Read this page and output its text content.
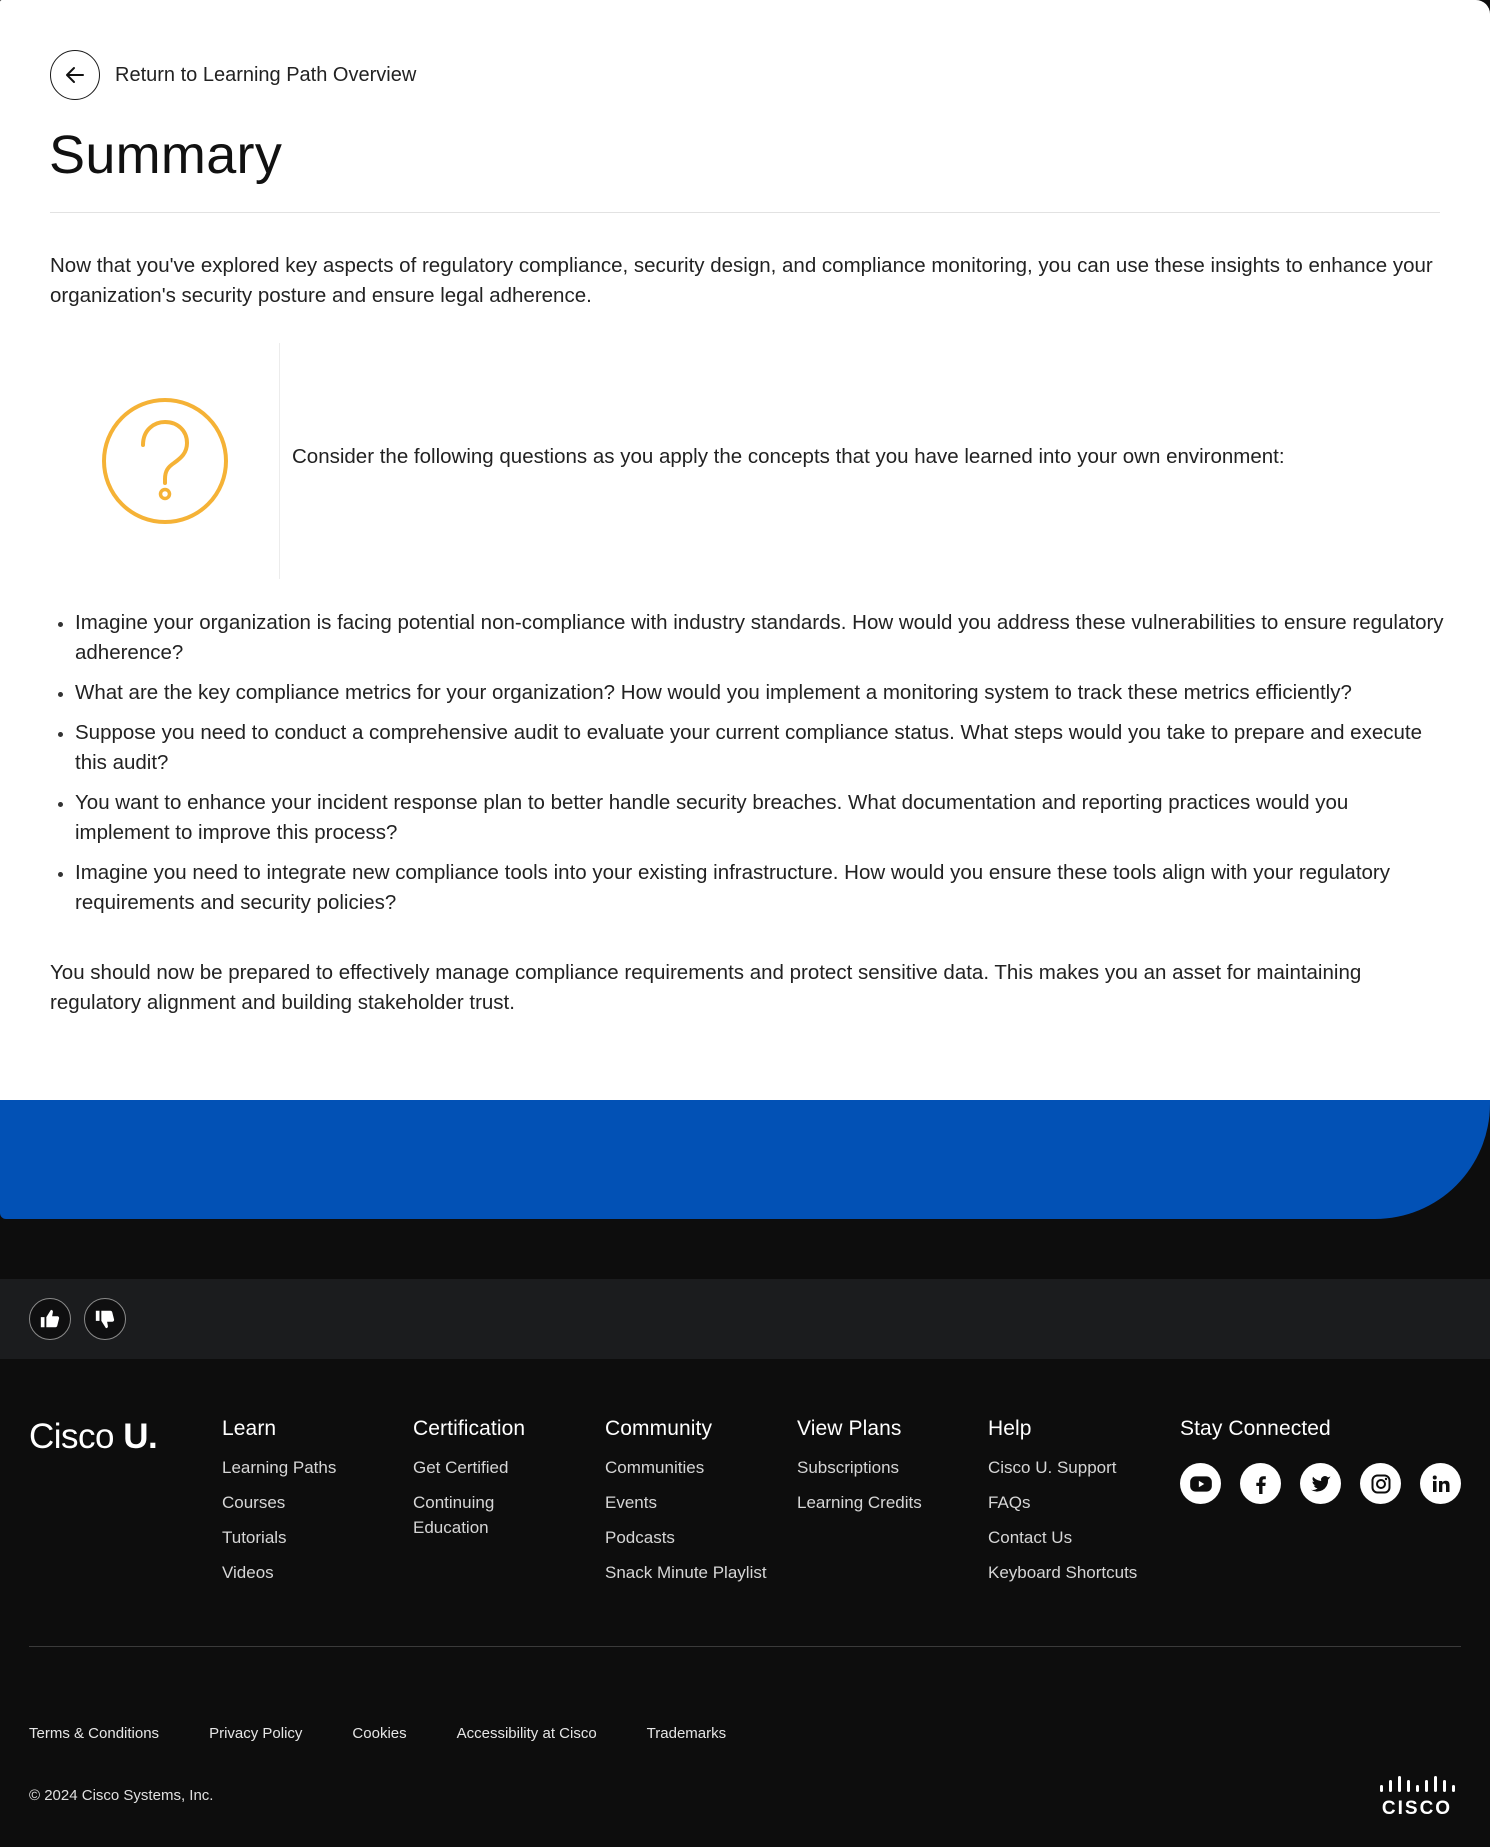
Return to Learning Path Overview
Summary

Now that you've explored key aspects of regulatory compliance, security design, and compliance monitoring, you can use these insights to enhance your organization's security posture and ensure legal adherence.

Consider the following questions as you apply the concepts that you have learned into your own environment:
Imagine your organization is facing potential non-compliance with industry standards. How would you address these vulnerabilities to ensure regulatory adherence?
What are the key compliance metrics for your organization? How would you implement a monitoring system to track these metrics efficiently?
Suppose you need to conduct a comprehensive audit to evaluate your current compliance status. What steps would you take to prepare and execute this audit?
You want to enhance your incident response plan to better handle security breaches. What documentation and reporting practices would you implement to improve this process?
Imagine you need to integrate new compliance tools into your existing infrastructure. How would you ensure these tools align with your regulatory requirements and security policies?

You should now be prepared to effectively manage compliance requirements and protect sensitive data. This makes you an asset for maintaining regulatory alignment and building stakeholder trust.

Cisco U.	Learn
Learning Paths
Courses
Tutorials
Videos
Certification
Get Certified
Continuing Education
Community
Communities
Events
Podcasts
Snack Minute Playlist
View Plans
Subscriptions
Learning Credits
Help
Cisco U. Support
FAQs
Contact Us
Keyboard Shortcuts
Stay Connected
Terms & Conditions	Privacy Policy	Cookies	Accessibility at Cisco	Trademarks
© 2024 Cisco Systems, Inc.
CISCO
